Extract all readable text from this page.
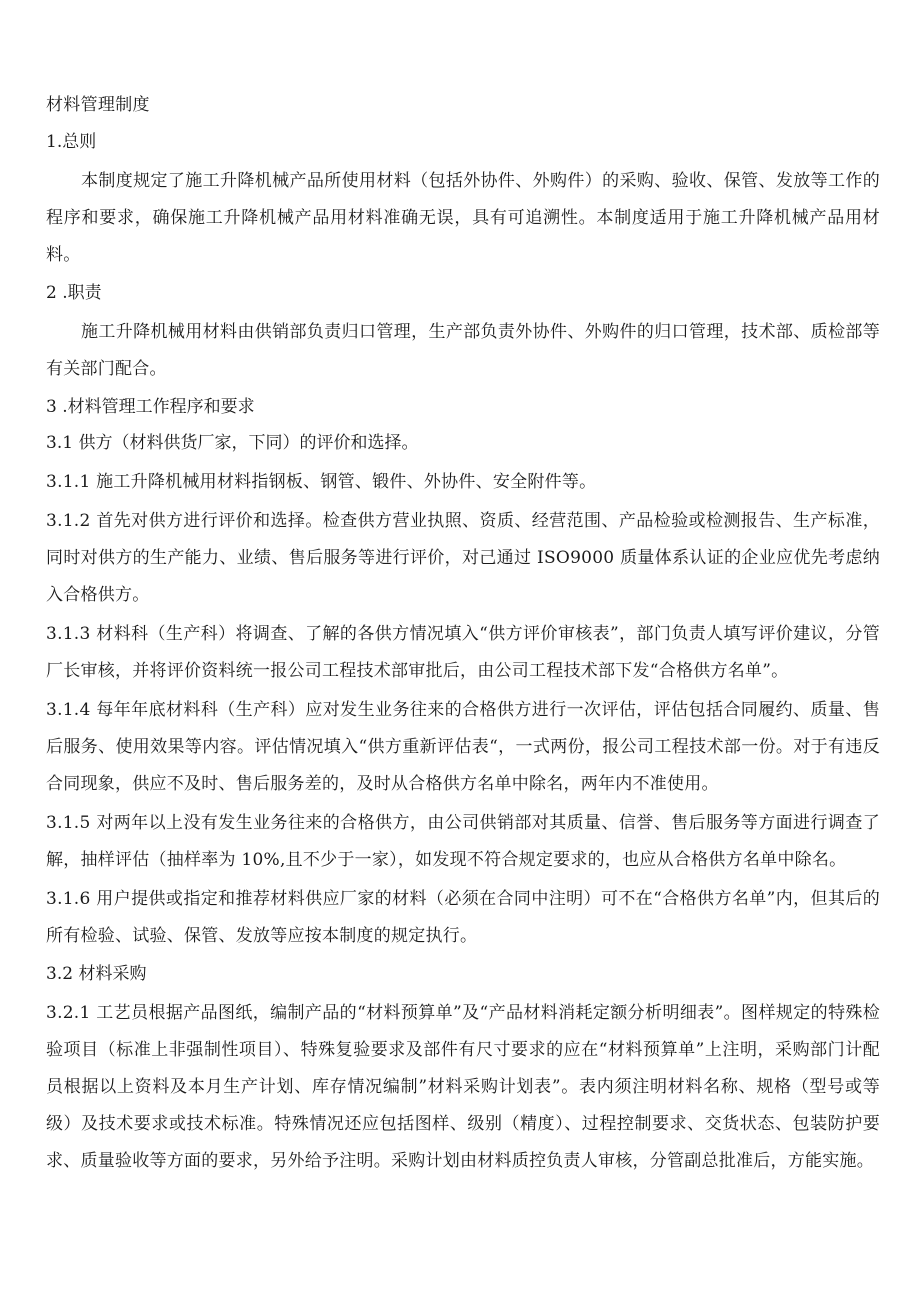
材料管理制度
1.总则
本制度规定了施工升降机械产品所使用材料（包括外协件、外购件）的采购、验收、保管、发放等工作的程序和要求，确保施工升降机械产品用材料准确无误，具有可追溯性。本制度适用于施工升降机械产品用材料。
2 .职责
施工升降机械用材料由供销部负责归口管理，生产部负责外协件、外购件的归口管理，技术部、质检部等有关部门配合。
3 .材料管理工作程序和要求
3.1 供方（材料供货厂家，下同）的评价和选择。
3.1.1 施工升降机械用材料指钢板、钢管、锻件、外协件、安全附件等。
3.1.2 首先对供方进行评价和选择。检查供方营业执照、资质、经营范围、产品检验或检测报告、生产标准，同时对供方的生产能力、业绩、售后服务等进行评价，对己通过 ISO9000 质量体系认证的企业应优先考虑纳入合格供方。
3.1.3 材料科（生产科）将调查、了解的各供方情况填入“供方评价审核表”，部门负责人填写评价建议，分管厂长审核，并将评价资料统一报公司工程技术部审批后，由公司工程技术部下发“合格供方名单”。
3.1.4 每年年底材料科（生产科）应对发生业务往来的合格供方进行一次评估，评估包括合同履约、质量、售后服务、使用效果等内容。评估情况填入“供方重新评估表“，一式两份，报公司工程技术部一份。对于有违反合同现象，供应不及时、售后服务差的，及时从合格供方名单中除名，两年内不准使用。
3.1.5 对两年以上没有发生业务往来的合格供方，由公司供销部对其质量、信誉、售后服务等方面进行调查了解，抽样评估（抽样率为 10%,且不少于一家），如发现不符合规定要求的，也应从合格供方名单中除名。
3.1.6 用户提供或指定和推荐材料供应厂家的材料（必须在合同中注明）可不在“合格供方名单”内，但其后的所有检验、试验、保管、发放等应按本制度的规定执行。
3.2 材料采购
3.2.1 工艺员根据产品图纸，编制产品的“材料预算单”及“产品材料消耗定额分析明细表”。图样规定的特殊检验项目（标准上非强制性项目）、特殊复验要求及部件有尺寸要求的应在“材料预算单”上注明，采购部门计配员根据以上资料及本月生产计划、库存情况编制”材料采购计划表”。表内须注明材料名称、规格（型号或等级）及技术要求或技术标准。特殊情况还应包括图样、级别（精度）、过程控制要求、交货状态、包装防护要求、质量验收等方面的要求，另外给予注明。采购计划由材料质控负责人审核，分管副总批准后，方能实施。
